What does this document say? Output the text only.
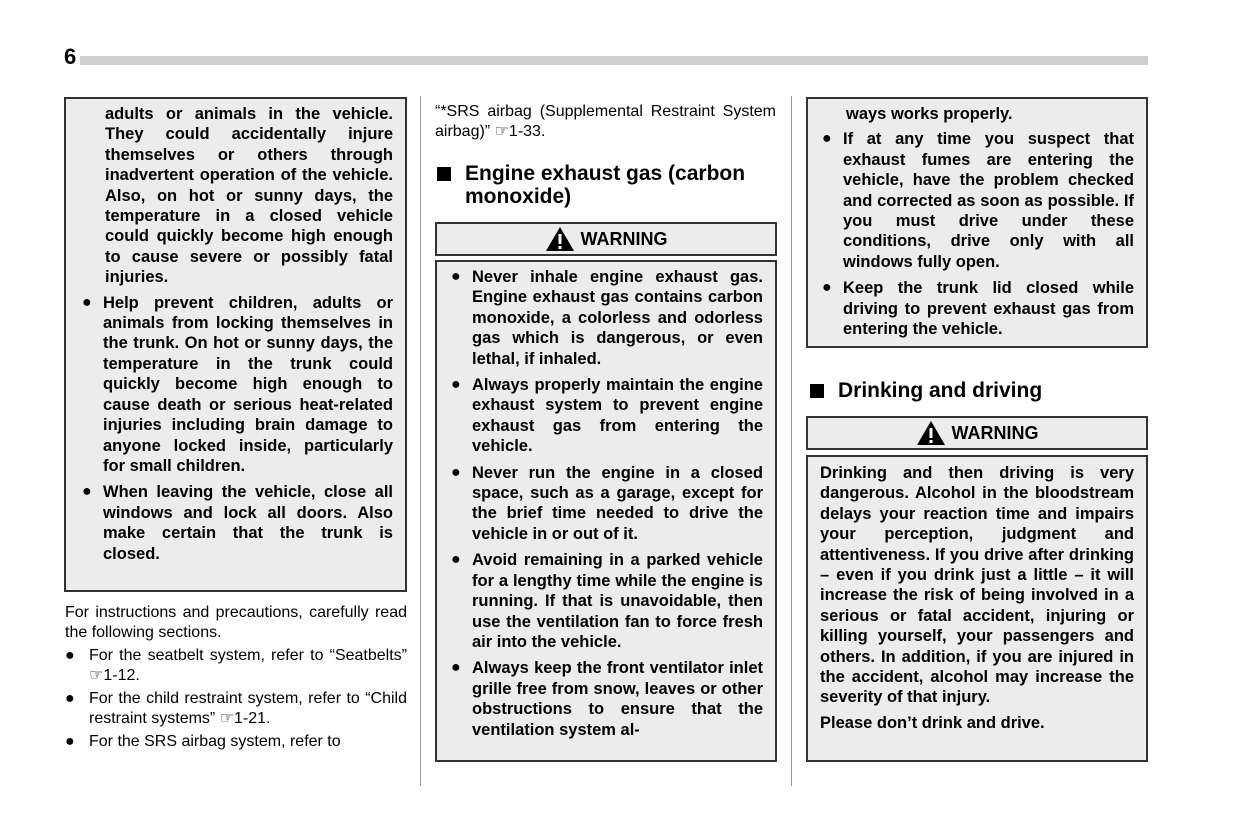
6

adults or animals in the vehicle. They could accidentally injure themselves or others through inadvertent operation of the vehicle. Also, on hot or sunny days, the temperature in a closed vehicle could quickly become high enough to cause severe or possibly fatal injuries.

● Help prevent children, adults or animals from locking themselves in the trunk. On hot or sunny days, the temperature in the trunk could quickly become high enough to cause death or serious heat-related injuries including brain damage to anyone locked inside, particularly for small children.
● When leaving the vehicle, close all windows and lock all doors. Also make certain that the trunk is closed.

For instructions and precautions, carefully read the following sections.

● For the seatbelt system, refer to “Seatbelts” ☞1-12.

● For the child restraint system, refer to “Child restraint systems” ☞1-21.

● For the SRS airbag system, refer to

“*SRS airbag (Supplemental Restraint System airbag)” ☞1-33.
Engine exhaust gas (carbon monoxide)
WARNING
● Never inhale engine exhaust gas. Engine exhaust gas contains carbon monoxide, a colorless and odorless gas which is dangerous, or even lethal, if inhaled.
● Always properly maintain the engine exhaust system to prevent engine exhaust gas from entering the vehicle.
● Never run the engine in a closed space, such as a garage, except for the brief time needed to drive the vehicle in or out of it.
● Avoid remaining in a parked vehicle for a lengthy time while the engine is running. If that is unavoidable, then use the ventilation fan to force fresh air into the vehicle.
● Always keep the front ventilator inlet grille free from snow, leaves or other obstructions to ensure that the ventilation system al-

ways works properly.

● If at any time you suspect that exhaust fumes are entering the vehicle, have the problem checked and corrected as soon as possible. If you must drive under these conditions, drive only with all windows fully open.
● Keep the trunk lid closed while driving to prevent exhaust gas from entering the vehicle.
Drinking and driving
WARNING

Drinking and then driving is very dangerous. Alcohol in the bloodstream delays your reaction time and impairs your perception, judgment and attentiveness. If you drive after drinking – even if you drink just a little – it will increase the risk of being involved in a serious or fatal accident, injuring or killing yourself, your passengers and others. In addition, if you are injured in the accident, alcohol may increase the severity of that injury.

Please don’t drink and drive.
